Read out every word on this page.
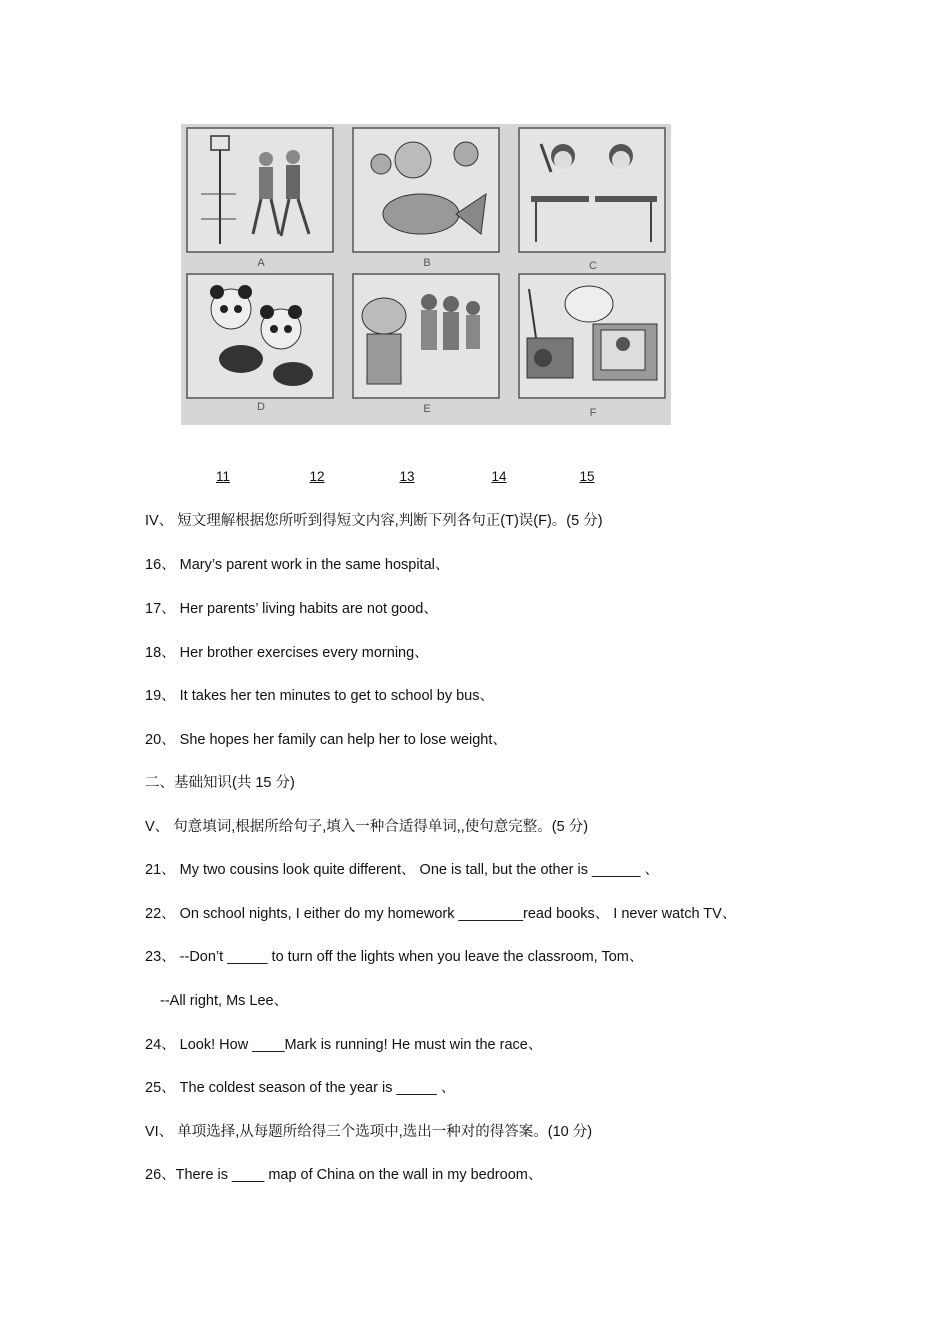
A	B	C
D	E	F
11	12	13	14	15
IV、 短文理解根据您所听到得短文内容,判断下列各句正(T)误(F)。(5 分)
16、 Mary’s parent work in the same hospital、
17、 Her parents’ living habits are not good、
18、 Her brother exercises every morning、
19、 It takes her ten minutes to get to school by bus、
20、 She hopes her family can help her to lose weight、
二、基础知识(共 15 分)
V、 句意填词,根据所给句子,填入一种合适得单词,,使句意完整。(5 分)
21、 My two cousins look quite different、 One is tall, but the other is ______ 、
22、 On school nights, I either do my homework ________read books、 I never watch TV、
23、 --Don’t _____ to turn off the lights when you leave the classroom, Tom、
--All right, Ms Lee、
24、 Look! How ____Mark is running! He must win the race、
25、 The coldest season of the year is _____ 、
VI、 单项选择,从每题所给得三个选项中,选出一种对的得答案。(10 分)
26、There is ____ map of China on the wall in my bedroom、
